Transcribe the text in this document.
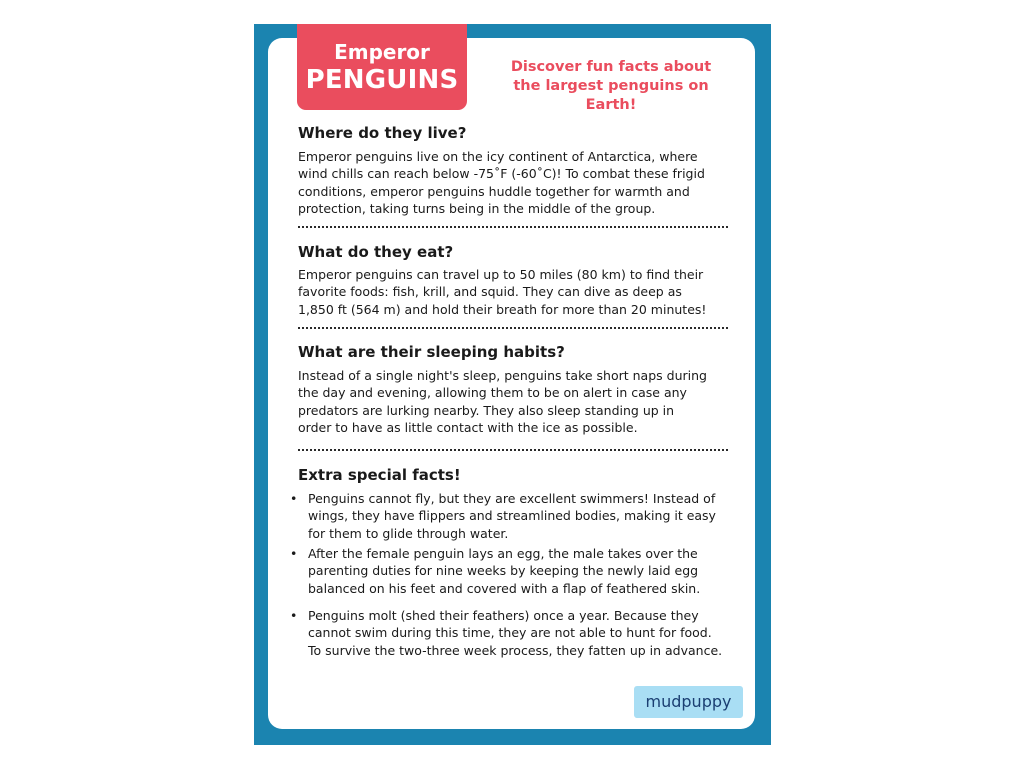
Emperor
PENGUINS	Discover fun facts about
the largest penguins on Earth!
Where do they live?
Emperor penguins live on the icy continent of Antarctica, where
wind chills can reach below -75˚F (-60˚C)! To combat these frigid
conditions, emperor penguins huddle together for warmth and
protection, taking turns being in the middle of the group.
What do they eat?
Emperor penguins can travel up to 50 miles (80 km) to find their
favorite foods: fish, krill, and squid. They can dive as deep as
1,850 ft (564 m) and hold their breath for more than 20 minutes!
What are their sleeping habits?
Instead of a single night's sleep, penguins take short naps during
the day and evening, allowing them to be on alert in case any
predators are lurking nearby. They also sleep standing up in
order to have as little contact with the ice as possible.
Extra special facts!
• Penguins cannot fly, but they are excellent swimmers! Instead of
wings, they have flippers and streamlined bodies, making it easy
for them to glide through water.
• After the female penguin lays an egg, the male takes over the
parenting duties for nine weeks by keeping the newly laid egg
balanced on his feet and covered with a flap of feathered skin.
• Penguins molt (shed their feathers) once a year. Because they
cannot swim during this time, they are not able to hunt for food.
To survive the two-three week process, they fatten up in advance.
mudpuppy
